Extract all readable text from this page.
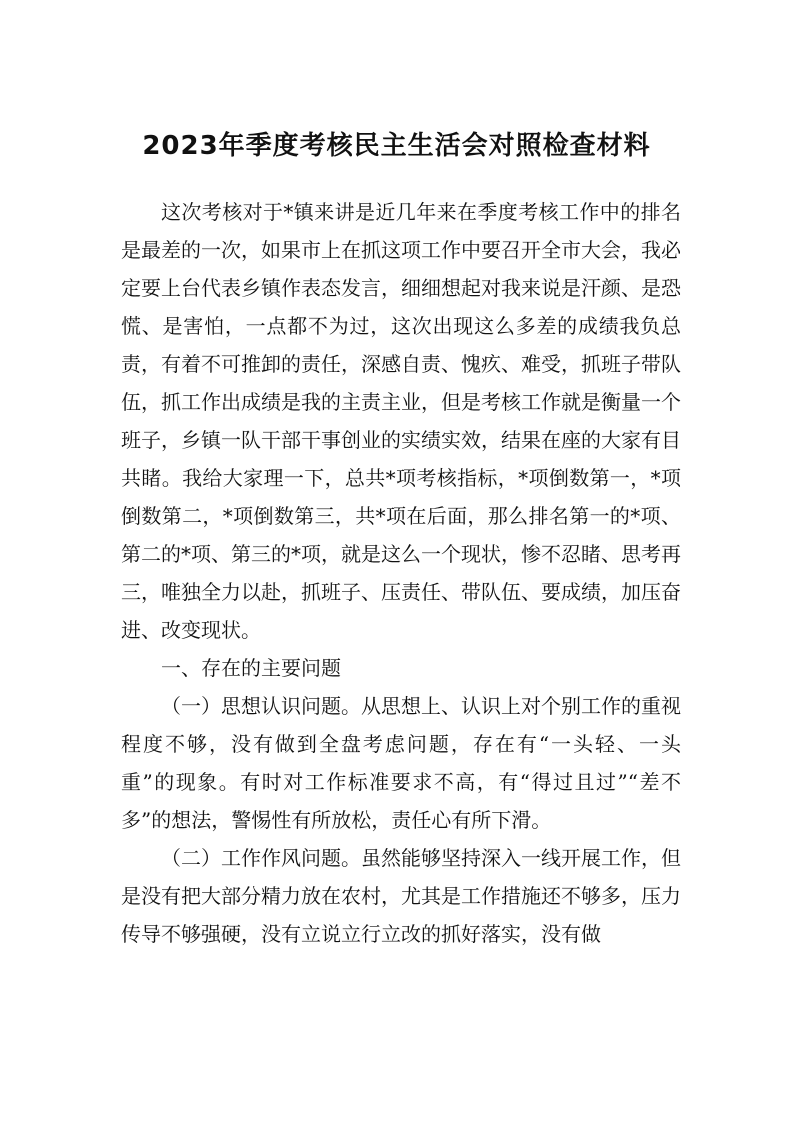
2023年季度考核民主生活会对照检查材料

这次考核对于*镇来讲是近几年来在季度考核工作中的排名是最差的一次，如果市上在抓这项工作中要召开全市大会，我必定要上台代表乡镇作表态发言，细细想起对我来说是汗颜、是恐慌、是害怕，一点都不为过，这次出现这么多差的成绩我负总责，有着不可推卸的责任，深感自责、愧疚、难受，抓班子带队伍，抓工作出成绩是我的主责主业，但是考核工作就是衡量一个班子，乡镇一队干部干事创业的实绩实效，结果在座的大家有目共睹。我给大家理一下，总共*项考核指标，*项倒数第一，*项倒数第二，*项倒数第三，共*项在后面，那么排名第一的*项、第二的*项、第三的*项，就是这么一个现状，惨不忍睹、思考再三，唯独全力以赴，抓班子、压责任、带队伍、要成绩，加压奋进、改变现状。

一、存在的主要问题

（一）思想认识问题。从思想上、认识上对个别工作的重视程度不够，没有做到全盘考虑问题，存在有“一头轻、一头重”的现象。有时对工作标准要求不高，有“得过且过”“差不多”的想法，警惕性有所放松，责任心有所下滑。

（二）工作作风问题。虽然能够坚持深入一线开展工作，但是没有把大部分精力放在农村，尤其是工作措施还不够多，压力传导不够强硬，没有立说立行立改的抓好落实，没有做
